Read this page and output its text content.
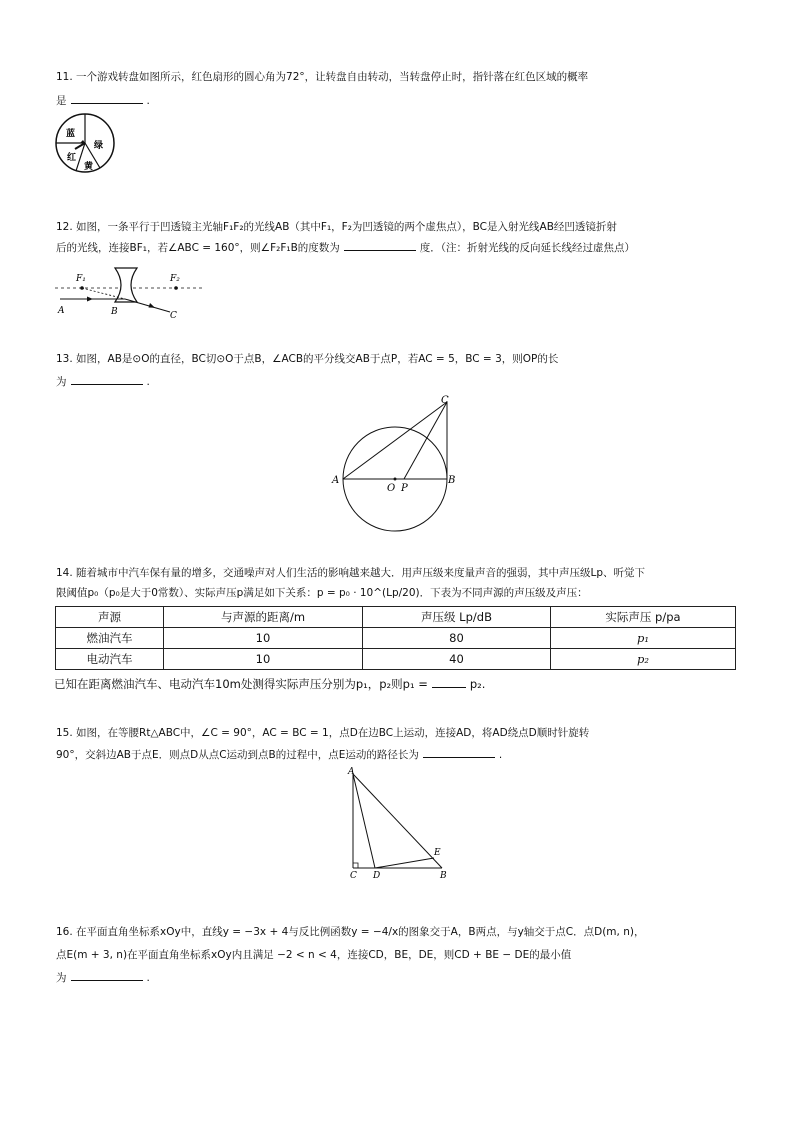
11. 一个游戏转盘如图所示，红色扇形的圆心角为72°，让转盘自由转动，当转盘停止时，指针落在红色区域的概率
是	.
蓝
绿
红
黄
12. 如图，一条平行于凹透镜主光轴F₁F₂的光线AB（其中F₁，F₂为凹透镜的两个虚焦点），BC是入射光线AB经凹透镜折射
后的光线，连接BF₁，若∠ABC = 160°，则∠F₂F₁B的度数为	度．（注：折射光线的反向延长线经过虚焦点）
F₁	F₂
A	B	C
13. 如图，AB是⊙O的直径，BC切⊙O于点B，∠ACB的平分线交AB于点P，若AC = 5，BC = 3，则OP的长
为	.
A	B
C
O P
14. 随着城市中汽车保有量的增多，交通噪声对人们生活的影响越来越大．用声压级来度量声音的强弱，其中声压级Lp、听觉下
限阈值p₀（p₀是大于0常数）、实际声压p满足如下关系：p = p₀ · 10^(Lp/20)．下表为不同声源的声压级及声压：
声源	与声源的距离/m	声压级 Lp/dB	实际声压 p/pa
燃油汽车	10	80	p₁
电动汽车	10	40	p₂
已知在距离燃油汽车、电动汽车10m处测得实际声压分别为p₁，p₂则p₁ =	p₂.
15. 如图，在等腰Rt△ABC中，∠C = 90°，AC = BC = 1，点D在边BC上运动，连接AD，将AD绕点D顺时针旋转
90°，交斜边AB于点E．则点D从点C运动到点B的过程中，点E运动的路径长为	.
A
B
C D
E
16. 在平面直角坐标系xOy中，直线y = −3x + 4与反比例函数y = −4/x的图象交于A，B两点，与y轴交于点C．点D(m, n)，
点E(m + 3, n)在平面直角坐标系xOy内且满足 −2 < n < 4，连接CD，BE，DE，则CD + BE − DE的最小值
为	.
